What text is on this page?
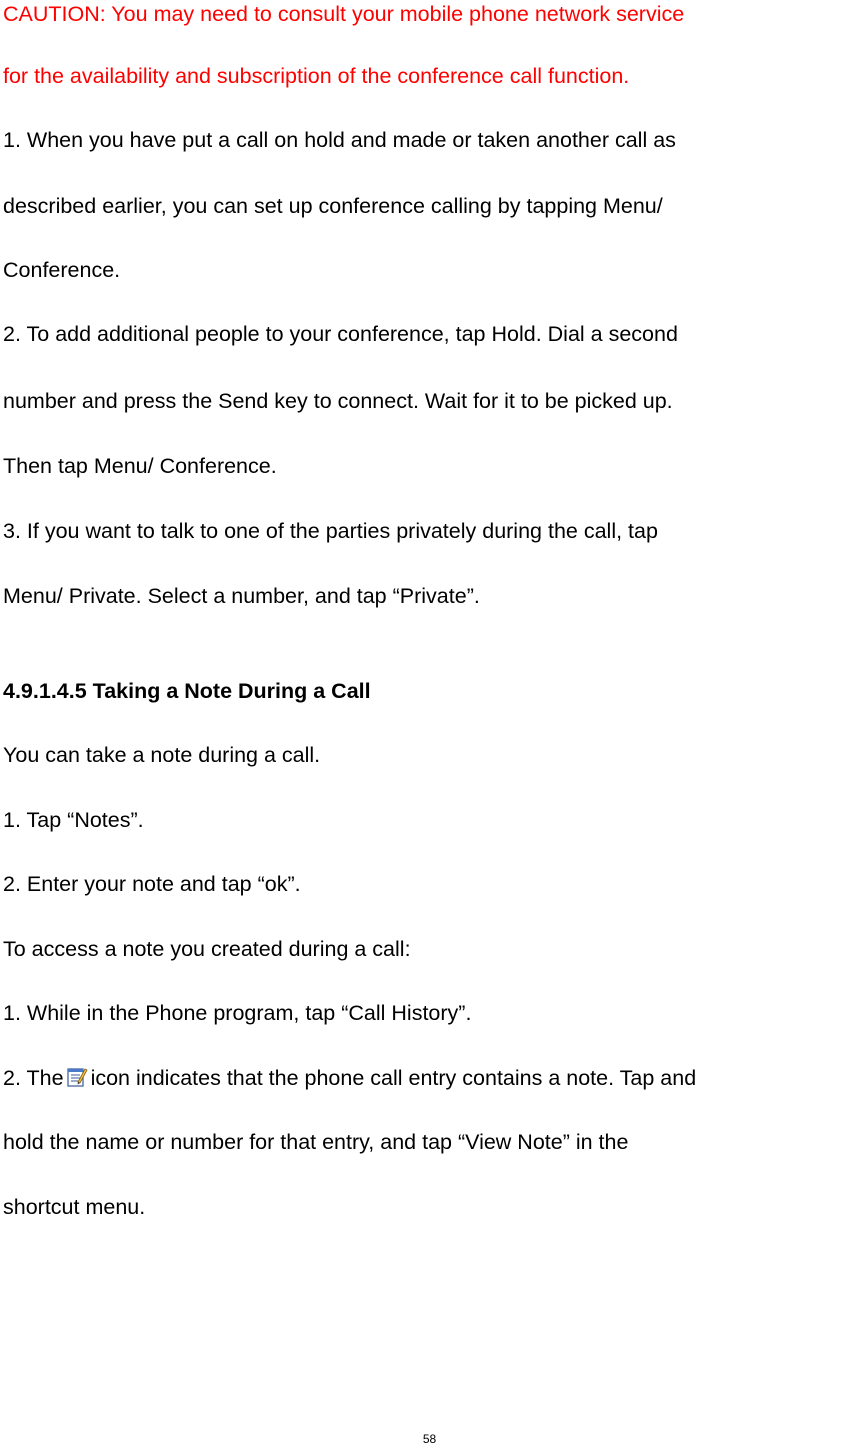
CAUTION: You may need to consult your mobile phone network service
for the availability and subscription of the conference call function.
1. When you have put a call on hold and made or taken another call as
described earlier, you can set up conference calling by tapping Menu/
Conference.
2. To add additional people to your conference, tap Hold. Dial a second
number and press the Send key to connect. Wait for it to be picked up.
Then tap Menu/ Conference.
3. If you want to talk to one of the parties privately during the call, tap
Menu/ Private. Select a number, and tap “Private”.
4.9.1.4.5 Taking a Note During a Call
You can take a note during a call.
1. Tap “Notes”.
2. Enter your note and tap “ok”.
To access a note you created during a call:
1. While in the Phone program, tap “Call History”.
2. The icon indicates that the phone call entry contains a note. Tap and
hold the name or number for that entry, and tap “View Note” in the
shortcut menu.
58
